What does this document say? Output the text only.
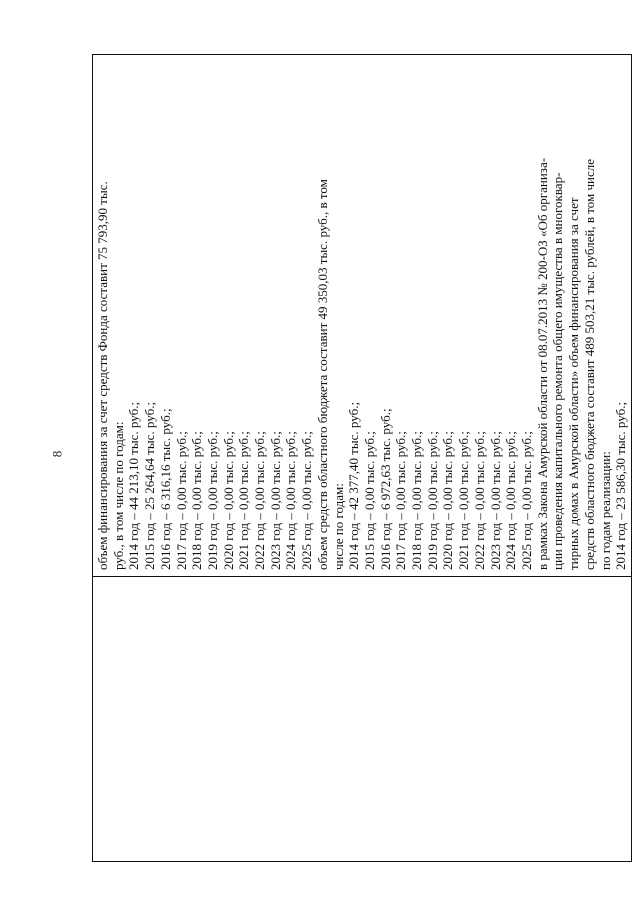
8
	объем финансирования за счет средств Фонда составит 75 793,90 тыс. руб., в том числе по годам: 2014 год – 44 213,10 тыс. руб.; 2015 год – 25 264,64 тыс. руб.; 2016 год – 6 316,16 тыс. руб.; 2017 год – 0,00 тыс. руб.; 2018 год – 0,00 тыс. руб.; 2019 год – 0,00 тыс. руб.; 2020 год – 0,00 тыс. руб.; 2021 год – 0,00 тыс. руб.; 2022 год – 0,00 тыс. руб.; 2023 год – 0,00 тыс. руб.; 2024 год – 0,00 тыс. руб.; 2025 год – 0,00 тыс. руб.; объем средств областного бюджета составит 49 350,03 тыс. руб., в том числе по годам: 2014 год – 42 377,40 тыс. руб.; 2015 год – 0,00 тыс. руб.; 2016 год – 6 972,63 тыс. руб.; 2017 год – 0,00 тыс. руб.; 2018 год – 0,00 тыс. руб.; 2019 год – 0,00 тыс. руб.; 2020 год – 0,00 тыс. руб.; 2021 год – 0,00 тыс. руб.; 2022 год – 0,00 тыс. руб.; 2023 год – 0,00 тыс. руб.; 2024 год – 0,00 тыс. руб.; 2025 год – 0,00 тыс. руб.; в рамках Закона Амурской области от 08.07.2013 № 200-ОЗ «Об организа- ции проведения капитального ремонта общего имущества в многоквар- тирных домах в Амурской области» объем финансирования за счет средств областного бюджета составит 489 503,21 тыс. рублей, в том числе по годам реализации: 2014 год – 23 586,30 тыс. руб.;
